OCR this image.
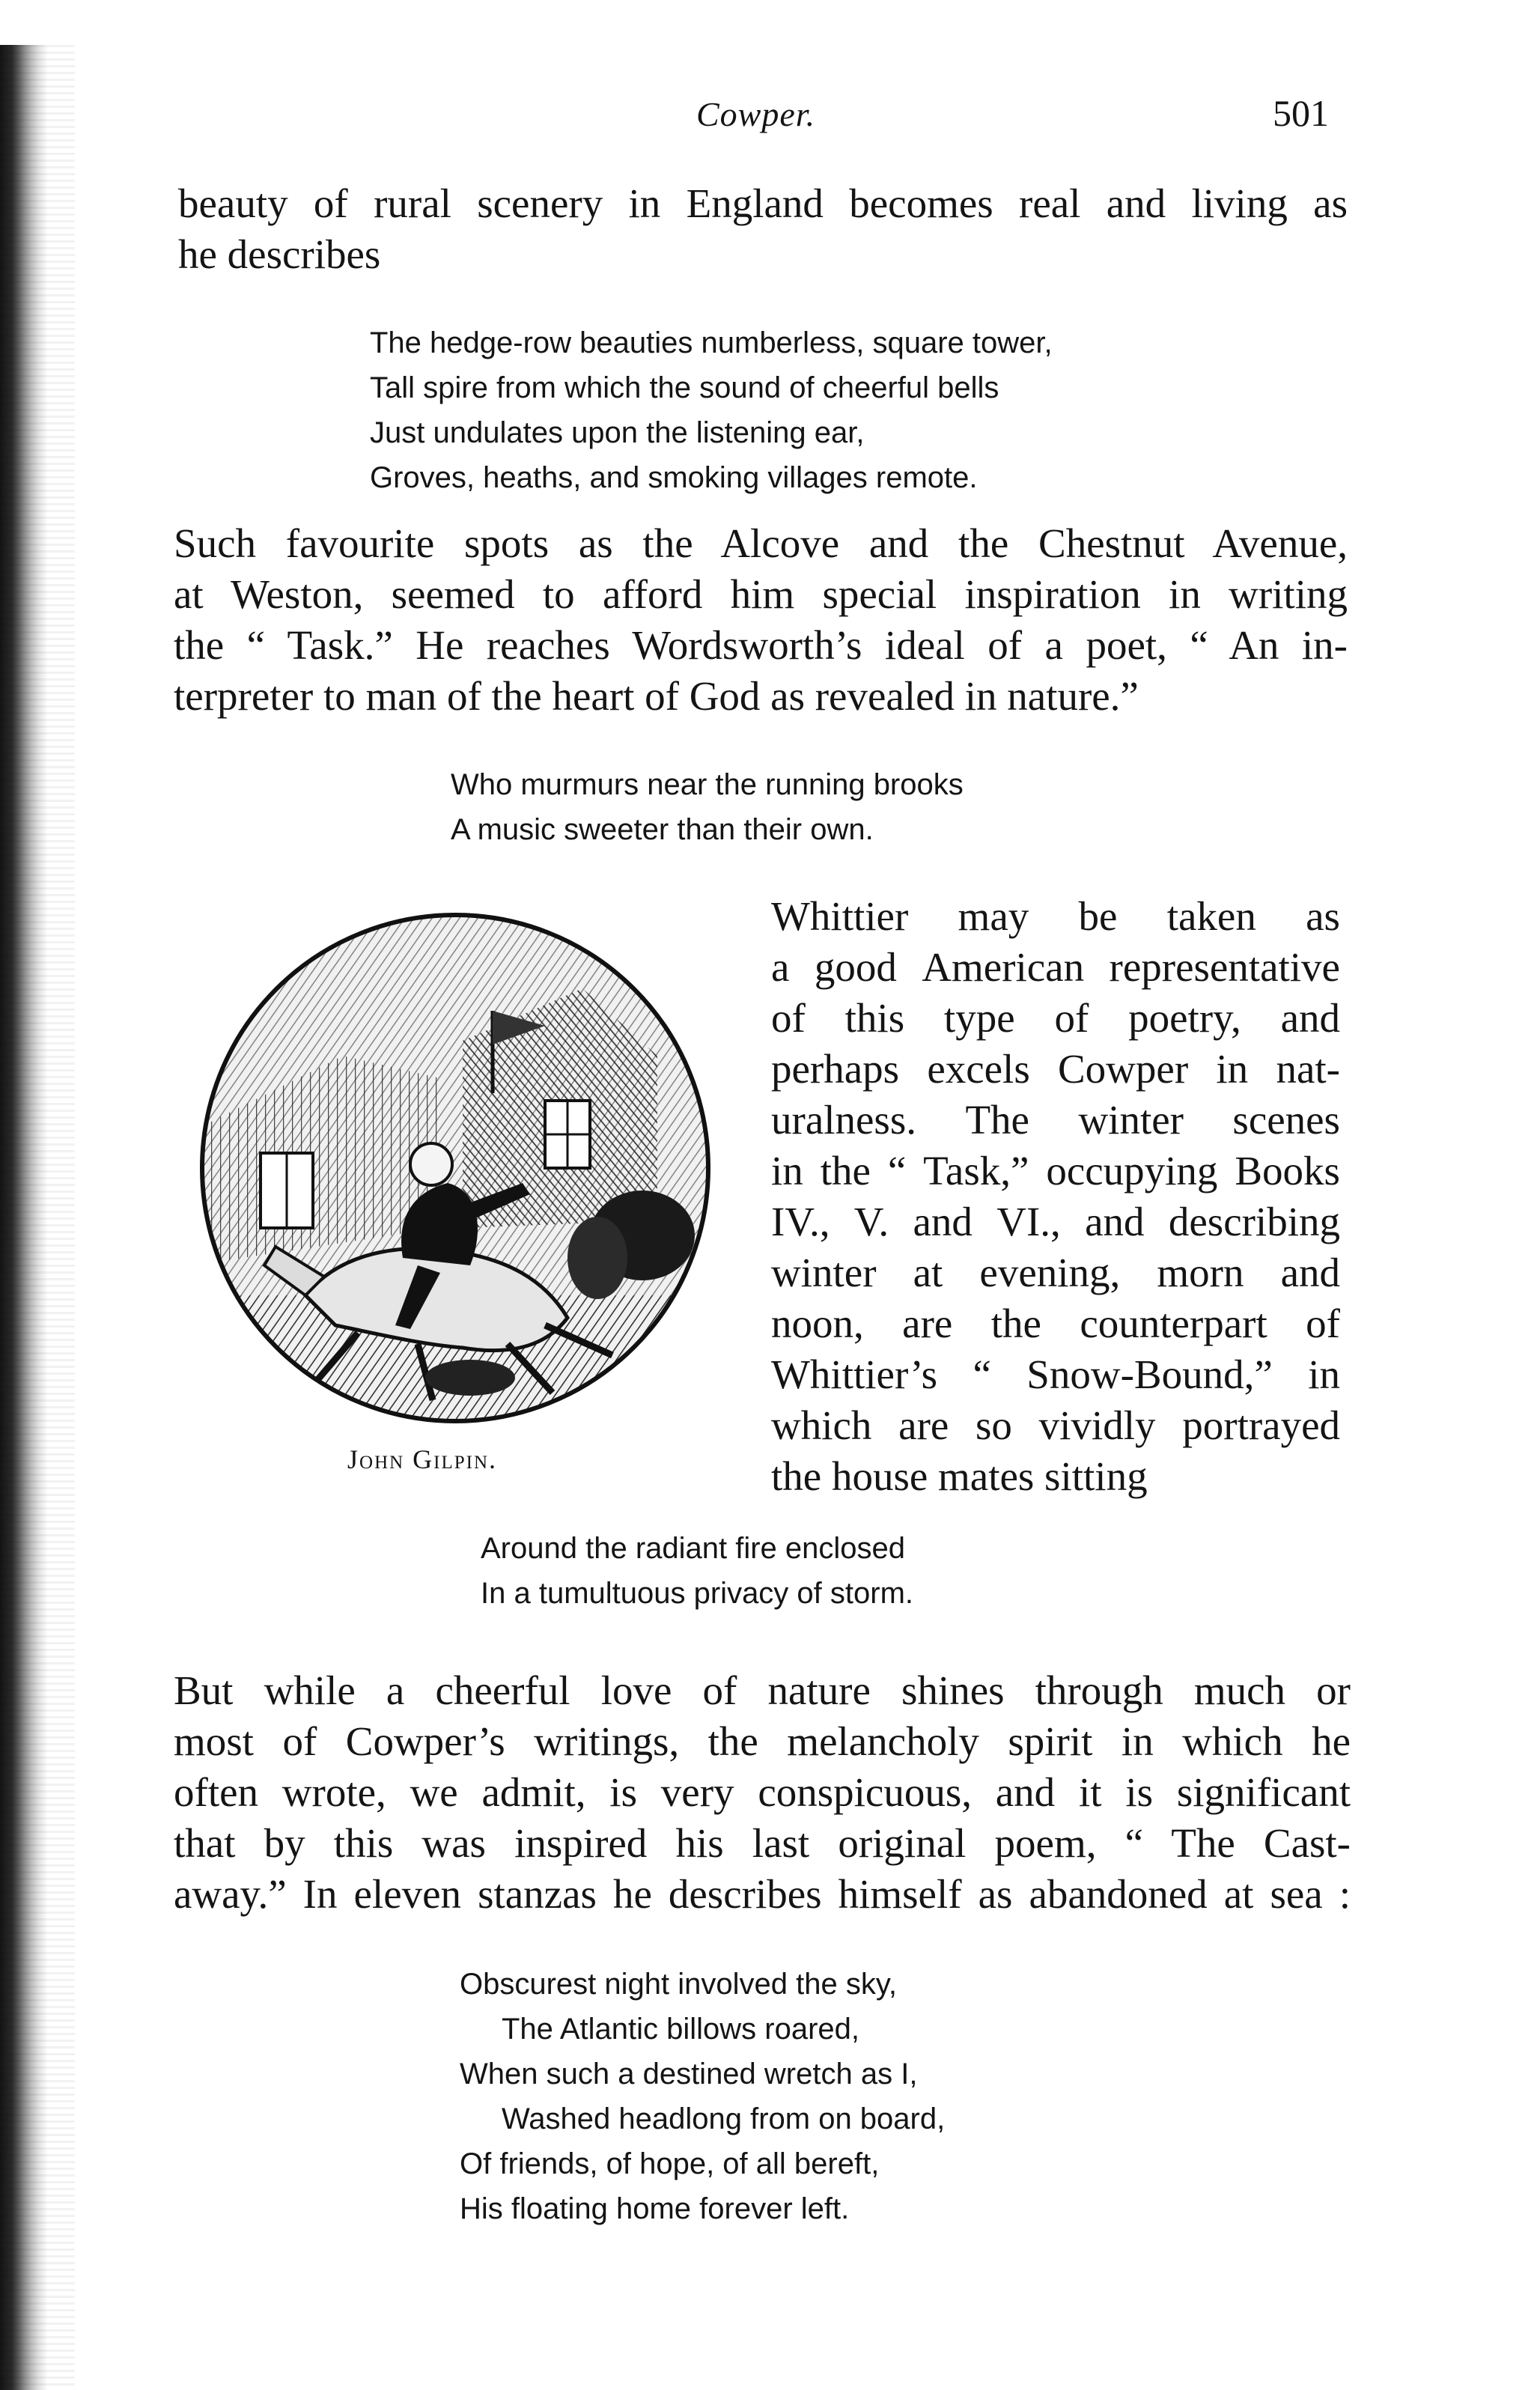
Cowper.	501
beauty of rural scenery in England becomes real and living as
he describes
The hedge-row beauties numberless, square tower,
Tall spire from which the sound of cheerful bells
Just undulates upon the listening ear,
Groves, heaths, and smoking villages remote.
Such favourite spots as the Alcove and the Chestnut Avenue,
at Weston, seemed to afford him special inspiration in writing
the “ Task.” He reaches Wordsworth’s ideal of a poet, “ An in-
terpreter to man of the heart of God as revealed in nature.”
Who murmurs near the running brooks
A music sweeter than their own.
John Gilpin.
Whittier may be taken as
a good American representative
of this type of poetry, and
perhaps excels Cowper in nat-
uralness. The winter scenes
in the “ Task,” occupying Books
IV., V. and VI., and describing
winter at evening, morn and
noon, are the counterpart of
Whittier’s “ Snow-Bound,” in
which are so vividly portrayed
the house mates sitting
Around the radiant fire enclosed
In a tumultuous privacy of storm.
But while a cheerful love of nature shines through much or
most of Cowper’s writings, the melancholy spirit in which he
often wrote, we admit, is very conspicuous, and it is significant
that by this was inspired his last original poem, “ The Cast-
away.” In eleven stanzas he describes himself as abandoned at sea :
Obscurest night involved the sky,
The Atlantic billows roared,
When such a destined wretch as I,
Washed headlong from on board,
Of friends, of hope, of all bereft,
His floating home forever left.
